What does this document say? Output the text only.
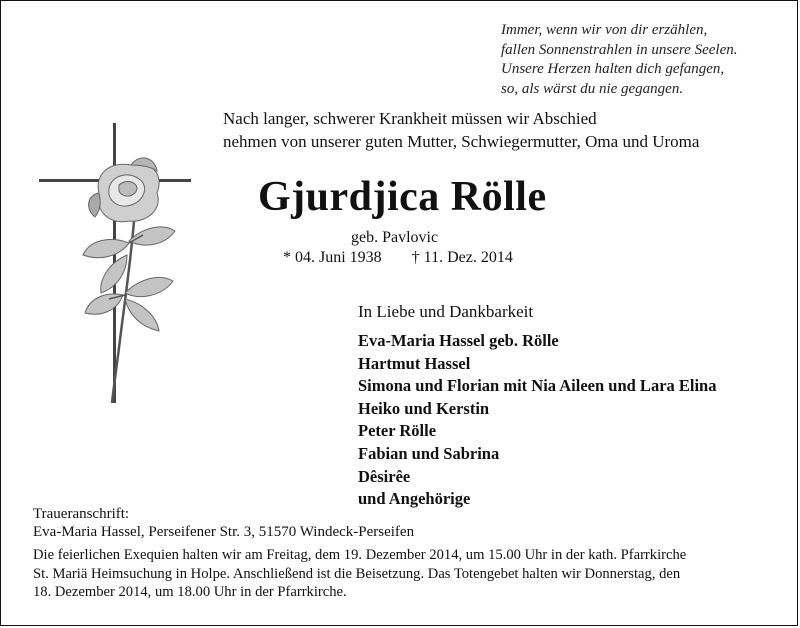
Immer, wenn wir von dir erzählen,
fallen Sonnenstrahlen in unsere Seelen.
Unsere Herzen halten dich gefangen,
so, als wärst du nie gegangen.
Nach langer, schwerer Krankheit müssen wir Abschied
nehmen von unserer guten Mutter, Schwiegermutter, Oma und Uroma
Gjurdjica Rölle
geb. Pavlovic
* 04. Juni 1938 † 11. Dez. 2014
In Liebe und Dankbarkeit
Eva-Maria Hassel geb. Rölle
Hartmut Hassel
Simona und Florian mit Nia Aileen und Lara Elina
Heiko und Kerstin
Peter Rölle
Fabian und Sabrina
Dêsirêe
und Angehörige
Traueranschrift:
Eva-Maria Hassel, Perseifener Str. 3, 51570 Windeck-Perseifen
Die feierlichen Exequien halten wir am Freitag, dem 19. Dezember 2014, um 15.00 Uhr in der kath. Pfarrkirche
St. Mariä Heimsuchung in Holpe. Anschließend ist die Beisetzung. Das Totengebet halten wir Donnerstag, den
18. Dezember 2014, um 18.00 Uhr in der Pfarrkirche.
